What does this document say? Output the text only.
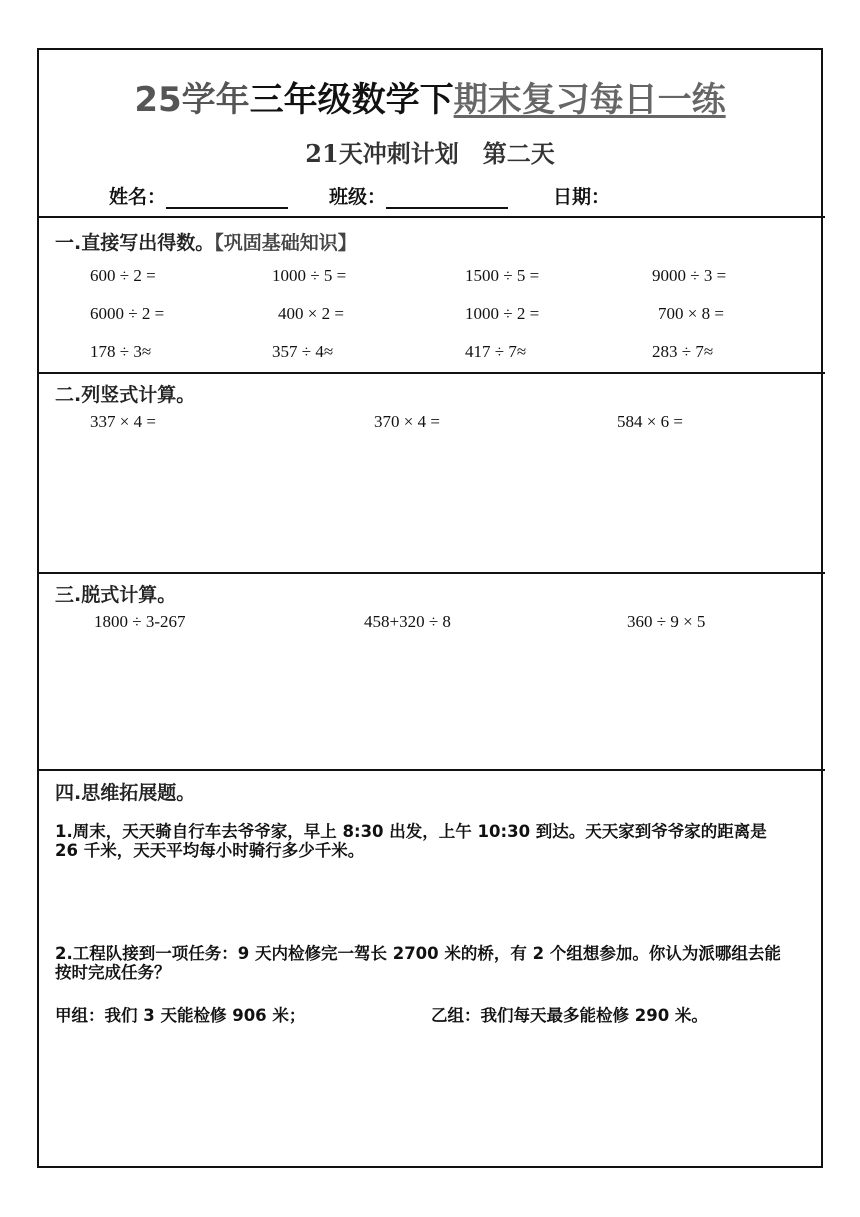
25学年三年级数学下期末复习每日一练
21天冲刺计划 第二天
姓名：	班级：	日期：
一.直接写出得数。【巩固基础知识】
600 ÷ 2 =	1000 ÷ 5 =	1500 ÷ 5 =	9000 ÷ 3 =
6000 ÷ 2 =	400 × 2 =	1000 ÷ 2 =	700 × 8 =
178 ÷ 3≈	357 ÷ 4≈	417 ÷ 7≈	283 ÷ 7≈
二.列竖式计算。
337 × 4 =	370 × 4 =	584 × 6 =
三.脱式计算。
1800 ÷ 3-267	458+320 ÷ 8	360 ÷ 9 × 5
四.思维拓展题。
1.周末，天天骑自行车去爷爷家，早上 8:30 出发，上午 10:30 到达。天天家到爷爷家的距离是 26 千米，天天平均每小时骑行多少千米。
2.工程队接到一项任务：9 天内检修完一驾长 2700 米的桥，有 2 个组想参加。你认为派哪组去能按时完成任务？
甲组：我们 3 天能检修 906 米；	乙组：我们每天最多能检修 290 米。
